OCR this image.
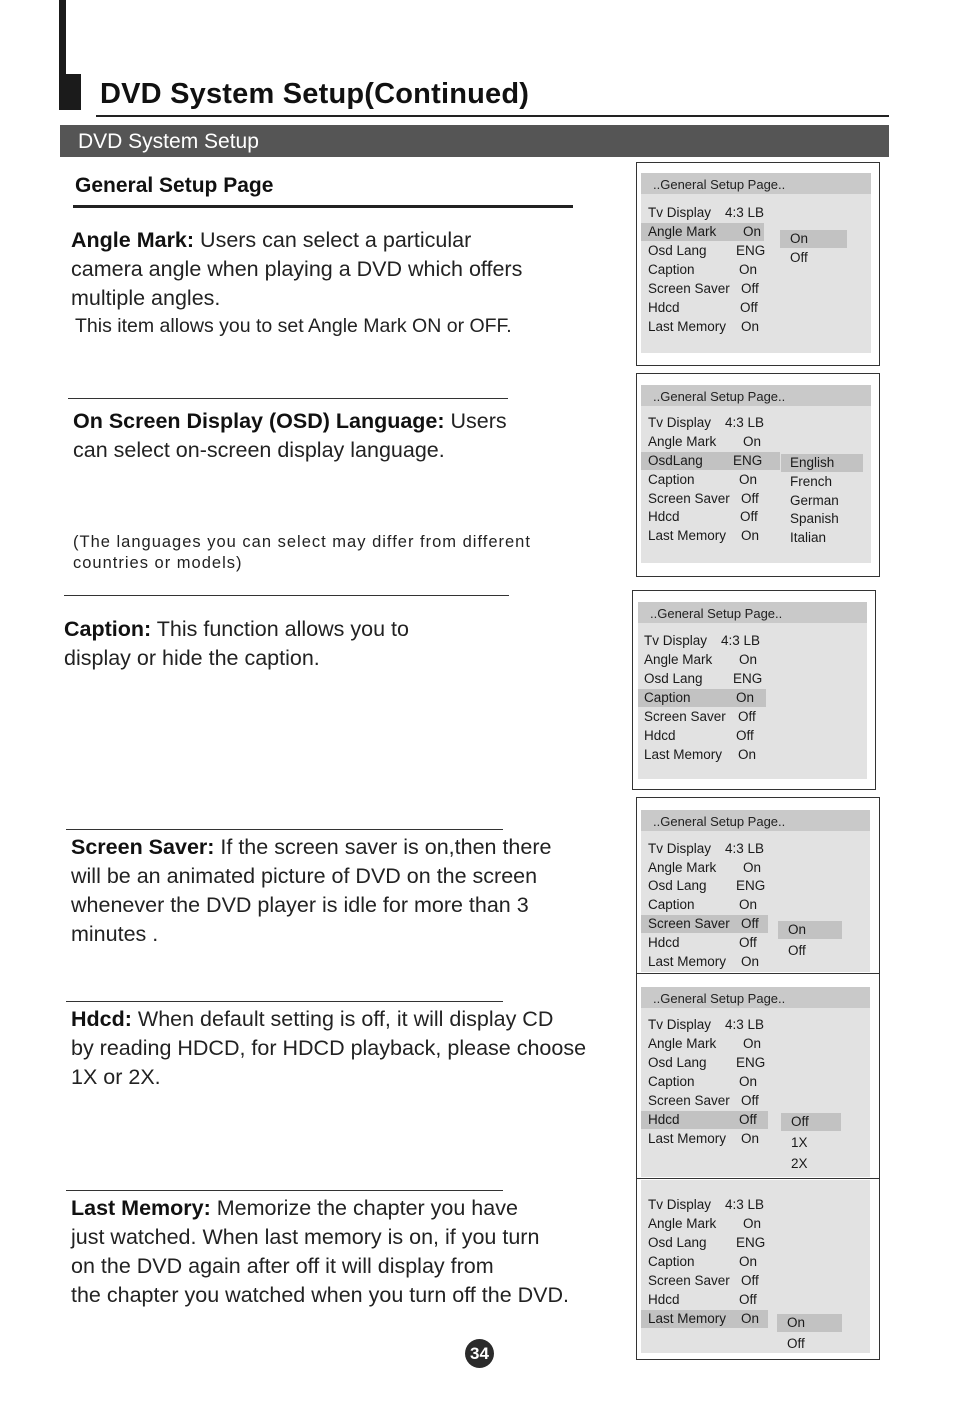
DVD System Setup(Continued)
DVD System Setup
General Setup Page
Angle Mark: Users can select a particular
camera angle when playing a DVD which offers
multiple angles.
This item allows you to set Angle Mark ON or OFF.
On Screen Display (OSD) Language: Users
can select on-screen display language.
(The languages you can select may differ from different
countries or models)
Caption: This function allows you to
display or hide the caption.
Screen Saver: If the screen saver is on,then there
will be an animated picture of DVD on the screen
whenever the DVD player is idle for more than 3
minutes .
Hdcd: When default setting is off, it will display CD
by reading HDCD, for HDCD playback, please choose
1X or 2X.
Last Memory: Memorize the chapter you have
just watched. When last memory is on, if you turn
on the DVD again after off it will display from
the chapter you watched when you turn off the DVD.
..General Setup Page..
Tv Display 4:3 LB
Angle Mark On
Osd Lang ENG
Caption	On
Screen Saver Off
Hdcd	Off
Last Memory On
On
Off
..General Setup Page..
Tv Display 4:3 LB
Angle Mark On
OsdLang ENG
Caption	On
Screen Saver Off
Hdcd	Off
Last Memory On
English
French
German
Spanish
Italian
..General Setup Page..
Tv Display 4:3 LB
Angle Mark On
Osd Lang ENG
Caption	On
Screen Saver Off
Hdcd	Off
Last Memory On
..General Setup Page..
Tv Display 4:3 LB
Angle Mark On
Osd Lang ENG
Caption	On
Screen Saver Off
Hdcd	Off
Last Memory On
On
Off
..General Setup Page..
Tv Display 4:3 LB
Angle Mark On
Osd Lang ENG
Caption	On
Screen Saver Off
Hdcd	Off
Last Memory On
Off
1X
2X
Tv Display 4:3 LB
Angle Mark On
Osd Lang ENG
Caption	On
Screen Saver Off
Hdcd	Off
Last Memory On	On
Off
34
